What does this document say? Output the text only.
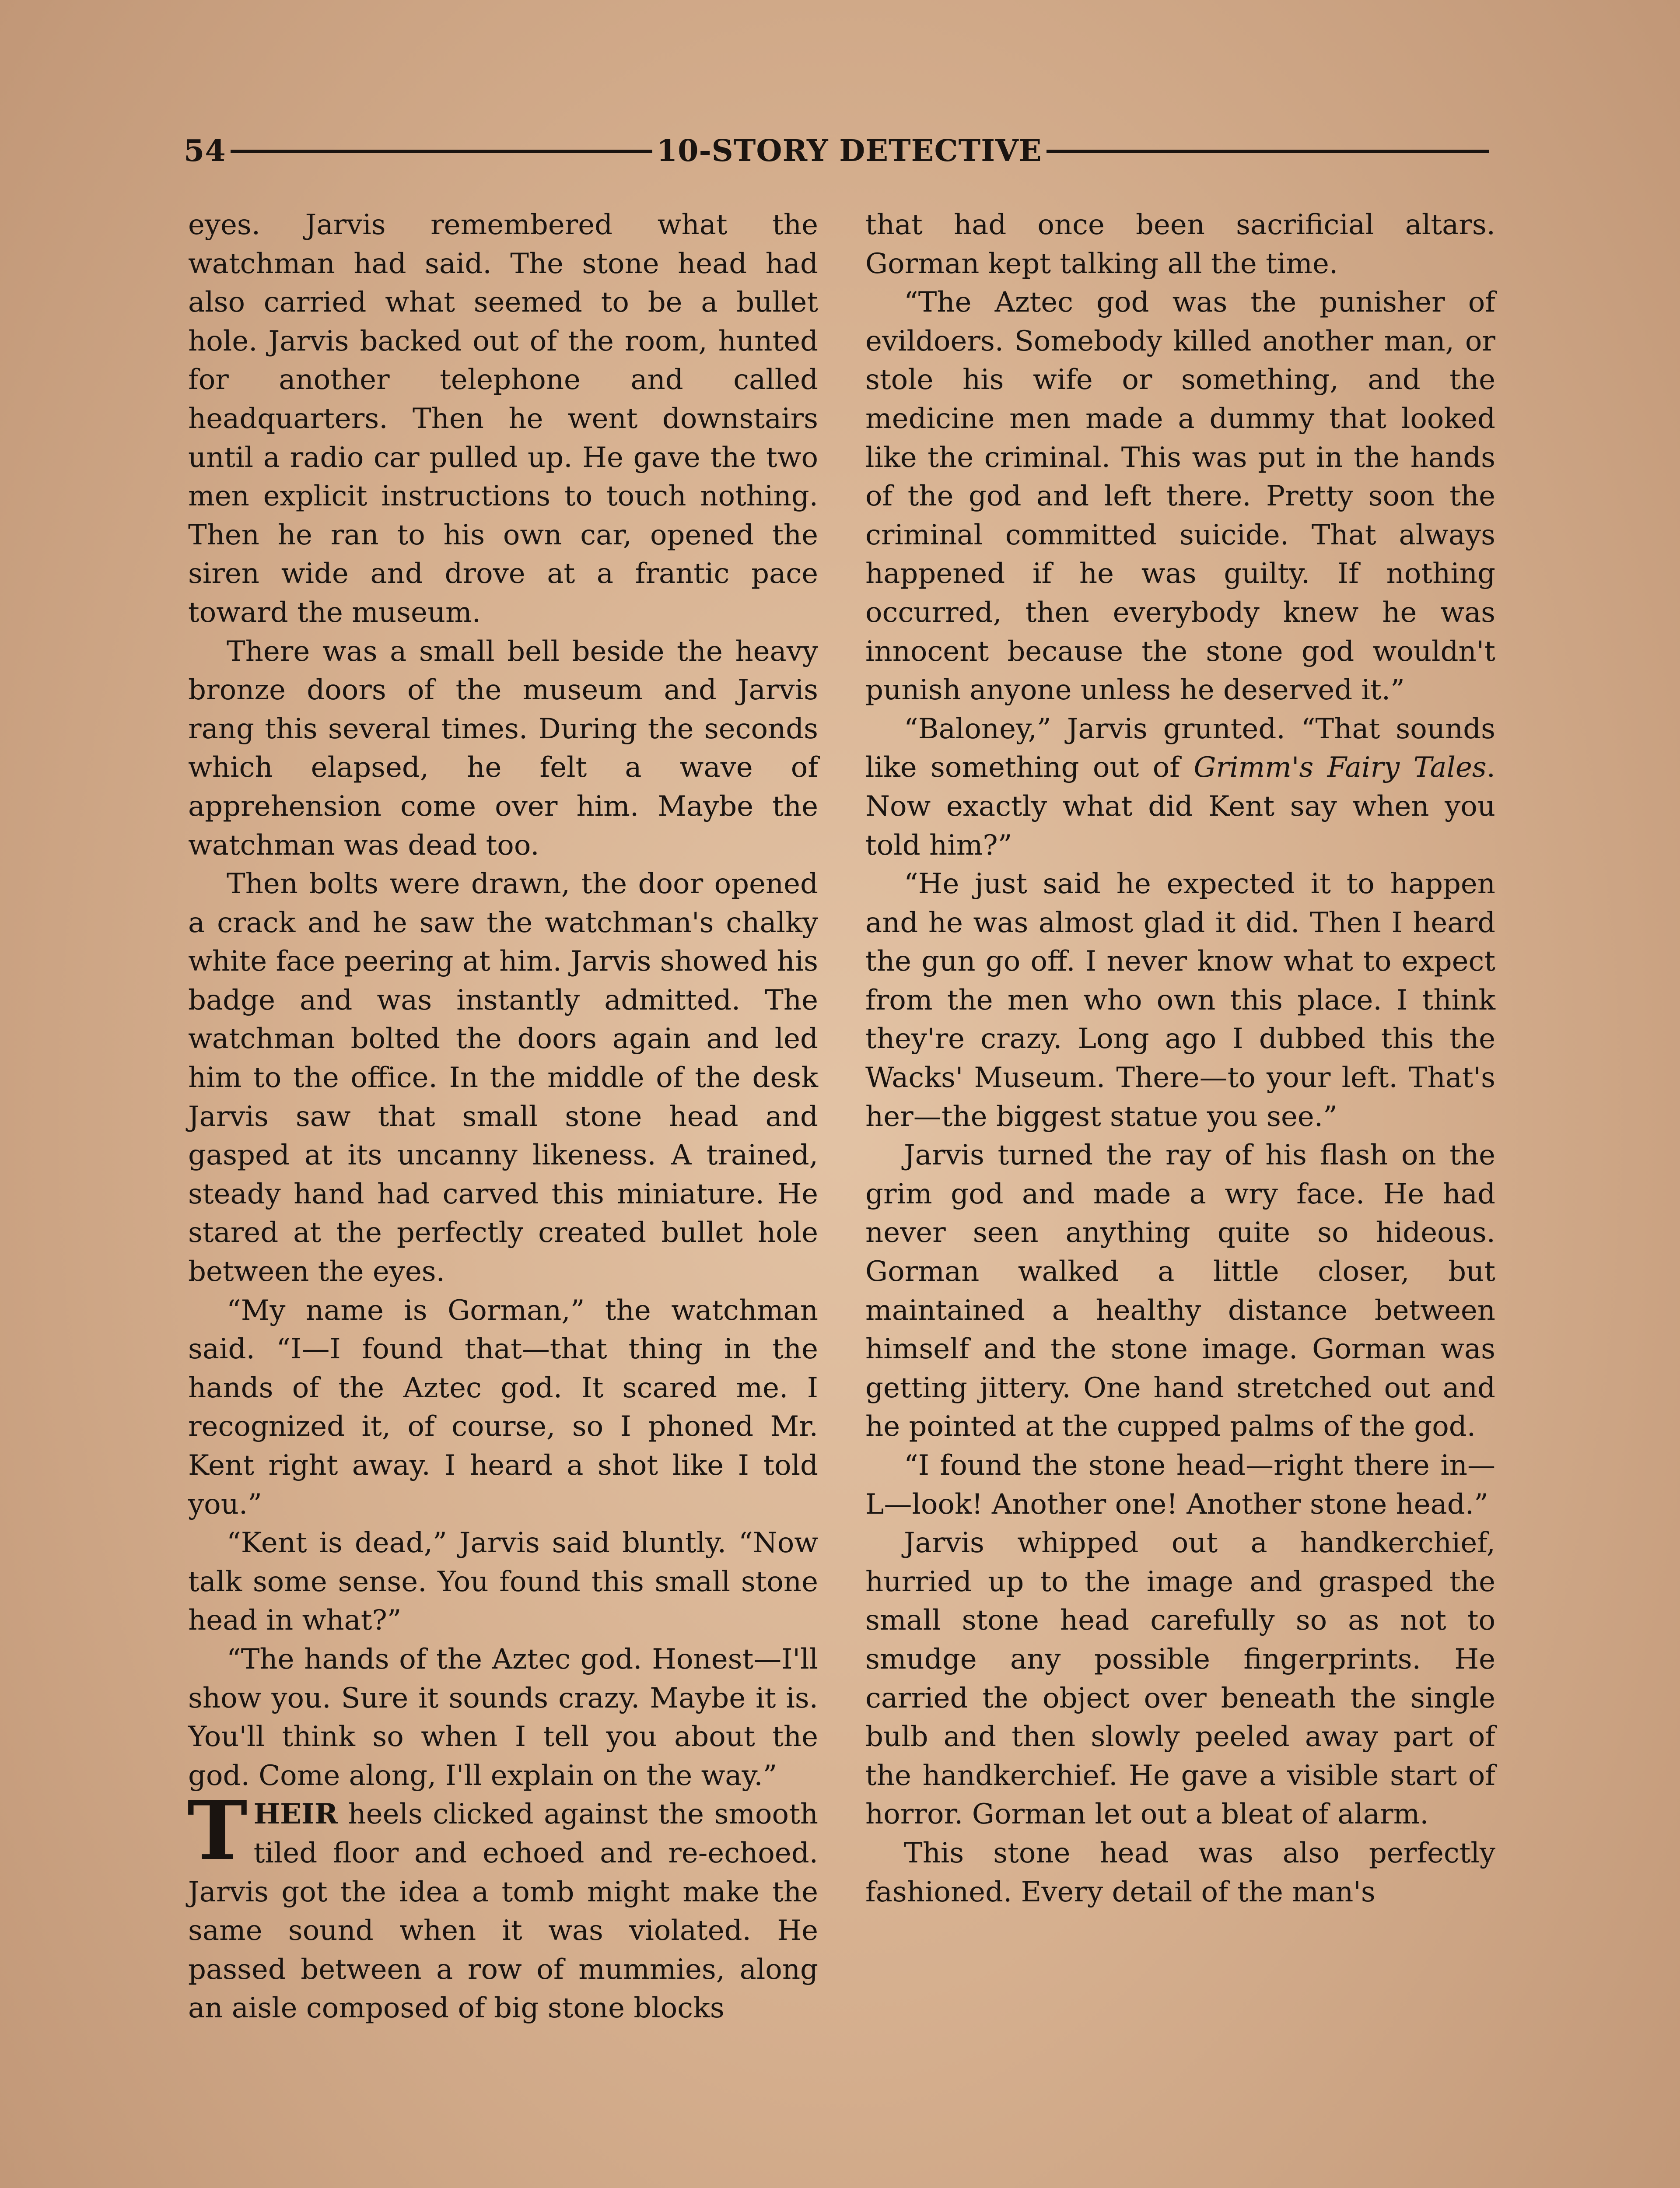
54	10-STORY DETECTIVE

eyes. Jarvis remembered what the watchman had said. The stone head had also carried what seemed to be a bullet hole. Jarvis backed out of the room, hunted for another telephone and called headquarters. Then he went downstairs until a radio car pulled up. He gave the two men explicit instructions to touch nothing. Then he ran to his own car, opened the siren wide and drove at a frantic pace toward the museum.

There was a small bell beside the heavy bronze doors of the museum and Jarvis rang this several times. During the seconds which elapsed, he felt a wave of apprehension come over him. Maybe the watchman was dead too.

Then bolts were drawn, the door opened a crack and he saw the watchman's chalky white face peering at him. Jarvis showed his badge and was instantly admitted. The watchman bolted the doors again and led him to the office. In the middle of the desk Jarvis saw that small stone head and gasped at its uncanny likeness. A trained, steady hand had carved this miniature. He stared at the perfectly created bullet hole between the eyes.

“My name is Gorman,” the watchman said. “I—I found that—that thing in the hands of the Aztec god. It scared me. I recognized it, of course, so I phoned Mr. Kent right away. I heard a shot like I told you.”

“Kent is dead,” Jarvis said bluntly. “Now talk some sense. You found this small stone head in what?”

“The hands of the Aztec god. Honest—I'll show you. Sure it sounds crazy. Maybe it is. You'll think so when I tell you about the god. Come along, I'll explain on the way.”

THEIR heels clicked against the smooth tiled floor and echoed and re-echoed. Jarvis got the idea a tomb might make the same sound when it was violated. He passed between a row of mummies, along an aisle composed of big stone blocks

that had once been sacrificial altars. Gorman kept talking all the time.

“The Aztec god was the punisher of evildoers. Somebody killed another man, or stole his wife or something, and the medicine men made a dummy that looked like the criminal. This was put in the hands of the god and left there. Pretty soon the criminal committed suicide. That always happened if he was guilty. If nothing occurred, then everybody knew he was innocent because the stone god wouldn't punish anyone unless he deserved it.”

“Baloney,” Jarvis grunted. “That sounds like something out of Grimm's Fairy Tales. Now exactly what did Kent say when you told him?”

“He just said he expected it to happen and he was almost glad it did. Then I heard the gun go off. I never know what to expect from the men who own this place. I think they're crazy. Long ago I dubbed this the Wacks' Museum. There—to your left. That's her—the biggest statue you see.”

Jarvis turned the ray of his flash on the grim god and made a wry face. He had never seen anything quite so hideous. Gorman walked a little closer, but maintained a healthy distance between himself and the stone image. Gorman was getting jittery. One hand stretched out and he pointed at the cupped palms of the god.

“I found the stone head—right there in— L—look! Another one! Another stone head.”

Jarvis whipped out a handkerchief, hurried up to the image and grasped the small stone head carefully so as not to smudge any possible fingerprints. He carried the object over beneath the single bulb and then slowly peeled away part of the handkerchief. He gave a visible start of horror. Gorman let out a bleat of alarm.

This stone head was also perfectly fashioned. Every detail of the man's
